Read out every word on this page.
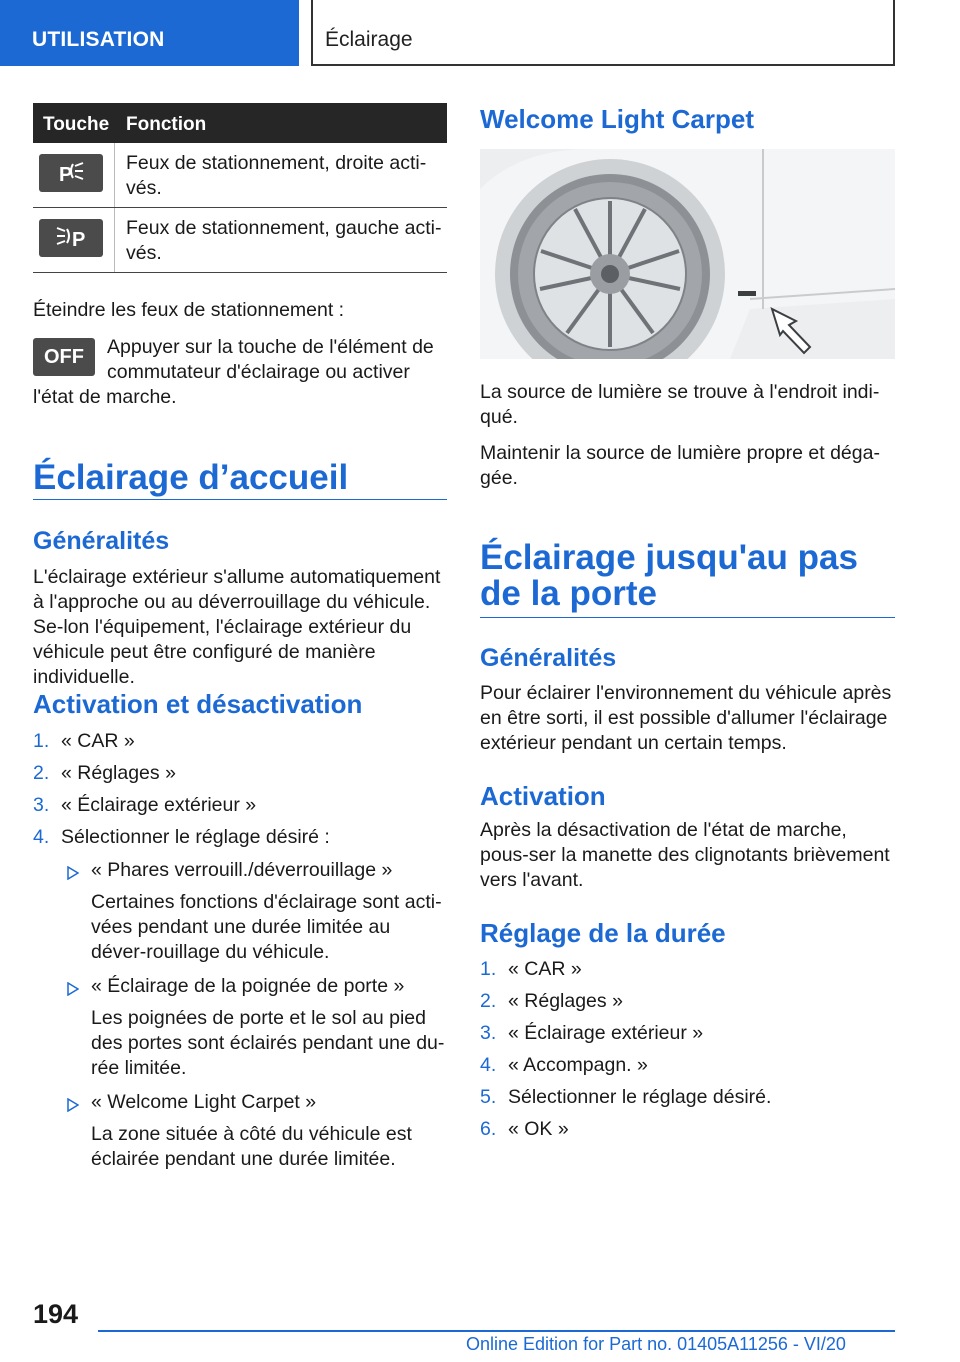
UTILISATION	Éclairage
Touche Fonction
P
Feux de stationnement, droite acti-vés.
P
Feux de stationnement, gauche acti-vés.

Éteindre les feux de stationnement :

OFF	Appuyer sur la touche de l'élément de

commutateur d'éclairage ou activer

l'état de marche.

Éclairage d’accueil
Généralités

L'éclairage extérieur s'allume automatiquement à l'approche ou au déverrouillage du véhicule. Se-lon l'équipement, l'éclairage extérieur du véhicule peut être configuré de manière individuelle.

Activation et désactivation
1. « CAR »
2. « Réglages »
3. « Éclairage extérieur »
4. Sélectionner le réglage désiré :
« Phares verrouill./déverrouillage »
Certaines fonctions d'éclairage sont acti-vées pendant une durée limitée au déver-rouillage du véhicule.
« Éclairage de la poignée de porte »
Les poignées de porte et le sol au pied des portes sont éclairés pendant une du-rée limitée.
« Welcome Light Carpet »
La zone située à côté du véhicule est éclairée pendant une durée limitée.
Welcome Light Carpet

La source de lumière se trouve à l'endroit indi-qué.

Maintenir la source de lumière propre et déga-gée.

Éclairage jusqu'au pas de la porte
Généralités

Pour éclairer l'environnement du véhicule après en être sorti, il est possible d'allumer l'éclairage extérieur pendant un certain temps.

Activation

Après la désactivation de l'état de marche, pous-ser la manette des clignotants brièvement vers l'avant.

Réglage de la durée
1. « CAR »
2. « Réglages »
3. « Éclairage extérieur »
4. « Accompagn. »
5. Sélectionner le réglage désiré.
6. « OK »
194
Online Edition for Part no. 01405A11256 - VI/20
